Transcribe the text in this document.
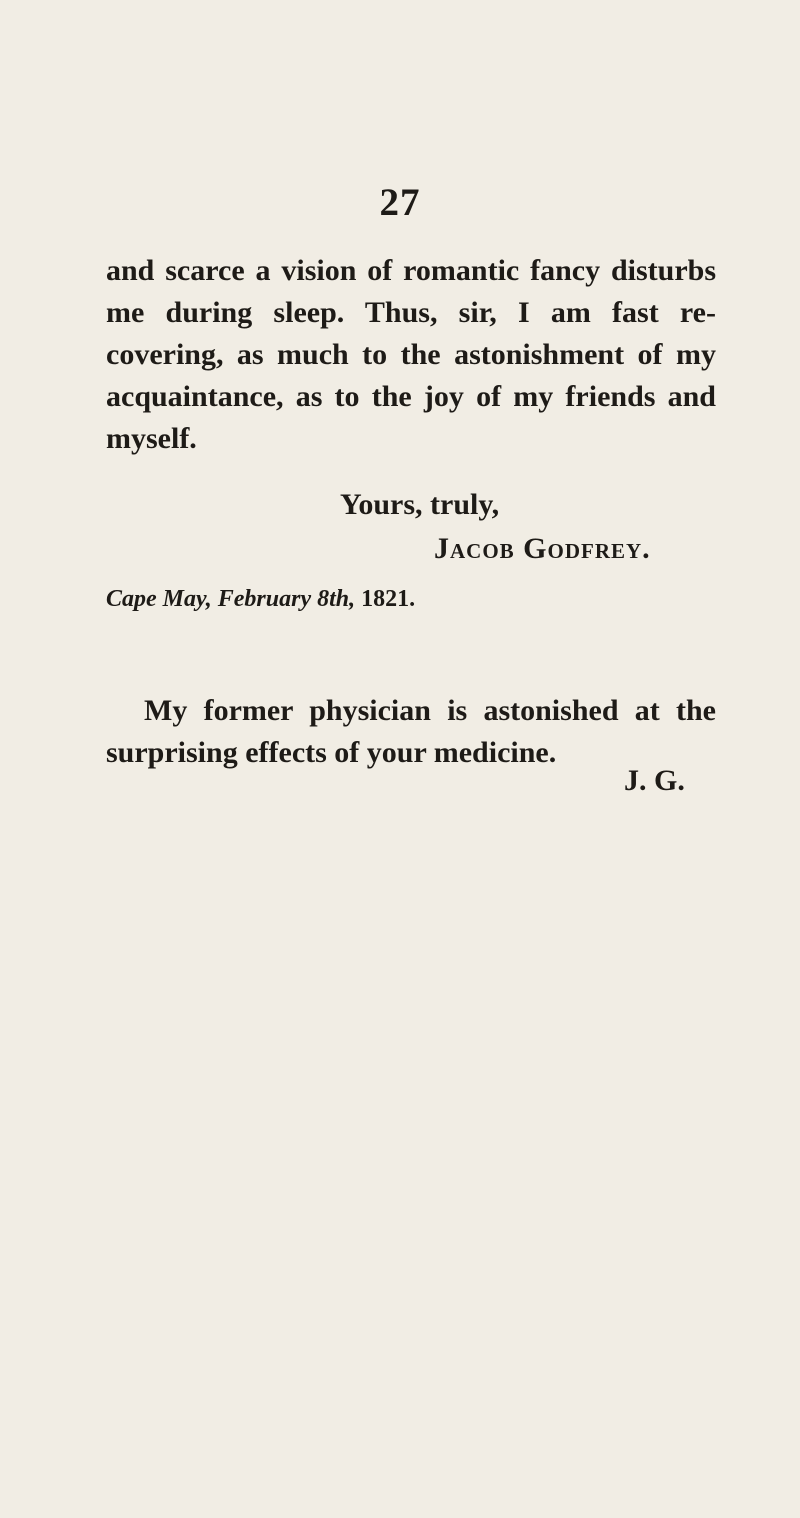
27
and scarce a vision of romantic fancy disturbs
me during sleep. Thus, sir, I am fast re-
covering, as much to the astonishment of my
acquaintance, as to the joy of my friends and
myself.
Yours, truly,
Jacob Godfrey.
Cape May, February 8th, 1821.
My former physician is astonished at the
surprising effects of your medicine.
J. G.
